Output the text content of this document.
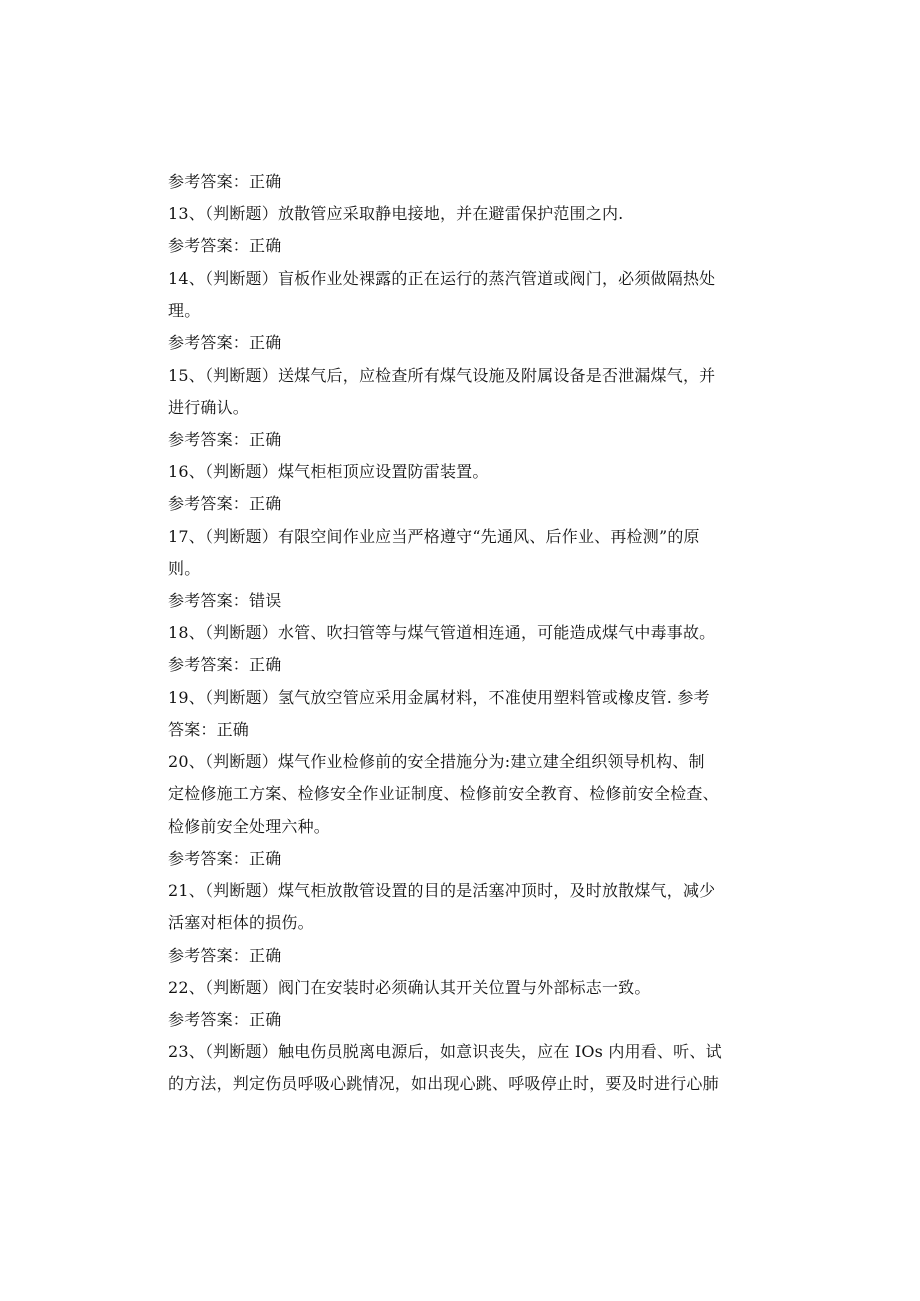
参考答案：正确
13、（判断题）放散管应采取静电接地，并在避雷保护范围之内.
参考答案：正确
14、（判断题）盲板作业处裸露的正在运行的蒸汽管道或阀门，必须做隔热处
理。
参考答案：正确
15、（判断题）送煤气后，应检查所有煤气设施及附属设备是否泄漏煤气，并
进行确认。
参考答案：正确
16、（判断题）煤气柜柜顶应设置防雷装置。
参考答案：正确
17、（判断题）有限空间作业应当严格遵守“先通风、后作业、再检测”的原
则。
参考答案：错误
18、（判断题）水管、吹扫管等与煤气管道相连通，可能造成煤气中毒事故。
参考答案：正确
19、（判断题）氢气放空管应采用金属材料，不准使用塑料管或橡皮管. 参考
答案：正确
20、（判断题）煤气作业检修前的安全措施分为:建立建全组织领导机构、制
定检修施工方案、检修安全作业证制度、检修前安全教育、检修前安全检查、
检修前安全处理六种。
参考答案：正确
21、（判断题）煤气柜放散管设置的目的是活塞冲顶时，及时放散煤气，减少
活塞对柜体的损伤。
参考答案：正确
22、（判断题）阀门在安装时必须确认其开关位置与外部标志一致。
参考答案：正确
23、（判断题）触电伤员脱离电源后，如意识丧失，应在 IOs 内用看、听、试
的方法，判定伤员呼吸心跳情况，如出现心跳、呼吸停止时，要及时进行心肺
